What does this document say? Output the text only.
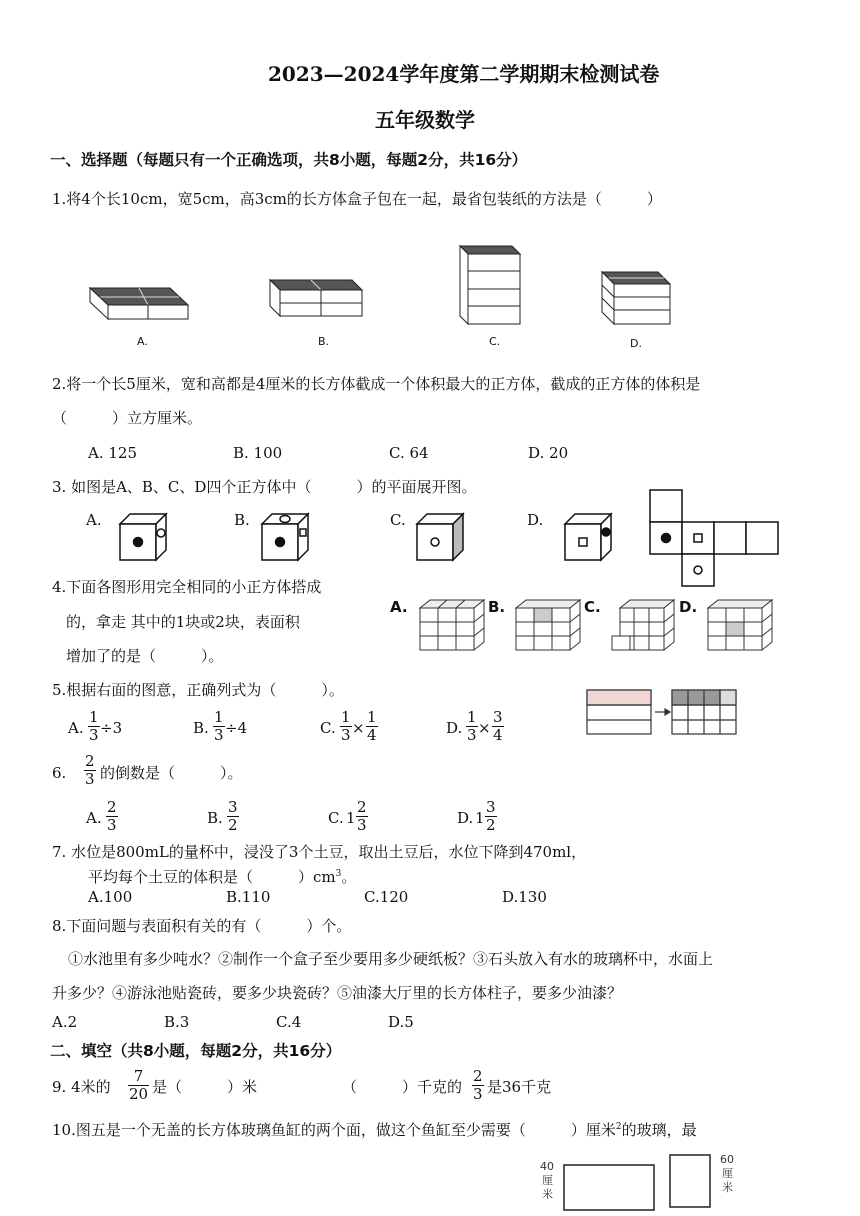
2023—2024学年度第二学期期末检测试卷
五年级数学
一、选择题（每题只有一个正确选项，共8小题，每题2分，共16分）
1.将4个长10cm，宽5cm，高3cm的长方体盒子包在一起，最省包装纸的方法是（　　　）
A.	B.	C.	D.
2.将一个长5厘米，宽和高都是4厘米的长方体截成一个体积最大的正方体，截成的正方体的体积是
（　　　）立方厘米。
A. 125	B. 100	C. 64	D. 20
3. 如图是A、B、C、D四个正方体中（　　　）的平面展开图。
A.	B.	C.	D.
4.下面各图形用完全相同的小正方体搭成
的，拿走 其中的1块或2块，表面积
增加了的是（　　　）。
A.	B.	C.	D.
5.根据右面的图意，正确列式为（　　　）。
A. $\frac{1}{3} \div 3$	B. $\frac{1}{3} \div 4$	C. $\frac{1}{3} \times \frac{1}{4}$	D. $\frac{1}{3} \times \frac{3}{4}$
6. $\frac{2}{3}$ 的倒数是（　　　）。
A. $\frac{2}{3}$	B. $\frac{3}{2}$	C. $1 \frac{2}{3}$	D. $1 \frac{3}{2}$
7. 水位是800mL的量杯中，浸没了3个土豆，取出土豆后，水位下降到470ml，
平均每个土豆的体积是（　　　）$cm^3$。
A.100	B.110	C.120	D.130
8.下面问题与表面积有关的有（　　　）个。
①水池里有多少吨水？②制作一个盒子至少要用多少硬纸板？③石头放入有水的玻璃杯中，水面上
升多少？④游泳池贴瓷砖，要多少块瓷砖？⑤油漆大厅里的长方体柱子，要多少油漆？
A.2	B.3	C.4	D.5
二、填空（共8小题，每题2分，共16分）
9. 4米的 $\frac{7}{20}$ 是（　　　）米	（　　　）千克的 $\frac{2}{3}$ 是36千克
10.图五是一个无盖的长方体玻璃鱼缸的两个面，做这个鱼缸至少需要（　　　）厘米$^2$的玻璃，最
40
厘
米
60
厘
米
